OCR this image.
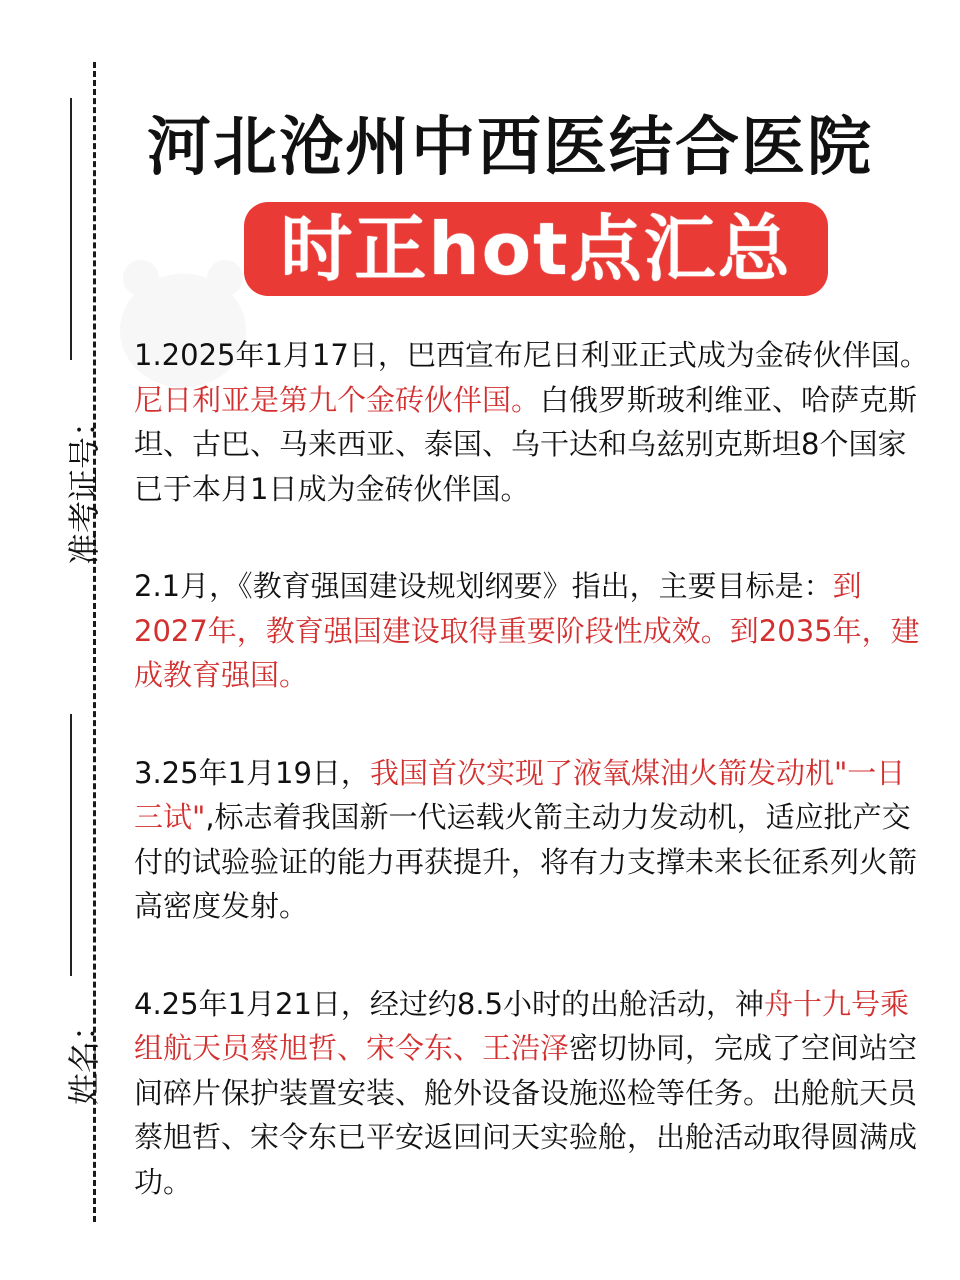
准考证号：
姓名：
河北沧州中西医结合医院
时正hot点汇总

1.2025年1月17日，巴西宣布尼日利亚正式成为金砖伙伴国。尼日利亚是第九个金砖伙伴国。白俄罗斯玻利维亚、哈萨克斯坦、古巴、马来西亚、泰国、乌干达和乌兹别克斯坦8个国家已于本月1日成为金砖伙伴国。

2.1月，《教育强国建设规划纲要》指出，主要目标是：到2027年，教育强国建设取得重要阶段性成效。到2035年，建成教育强国。

3.25年1月19日，我国首次实现了液氧煤油火箭发动机"一日三试",标志着我国新一代运载火箭主动力发动机，适应批产交付的试验验证的能力再获提升，将有力支撑未来长征系列火箭高密度发射。

4.25年1月21日，经过约8.5小时的出舱活动，神舟十九号乘组航天员蔡旭哲、宋令东、王浩泽密切协同，完成了空间站空间碎片保护装置安装、舱外设备设施巡检等任务。出舱航天员蔡旭哲、宋令东已平安返回问天实验舱，出舱活动取得圆满成功。
